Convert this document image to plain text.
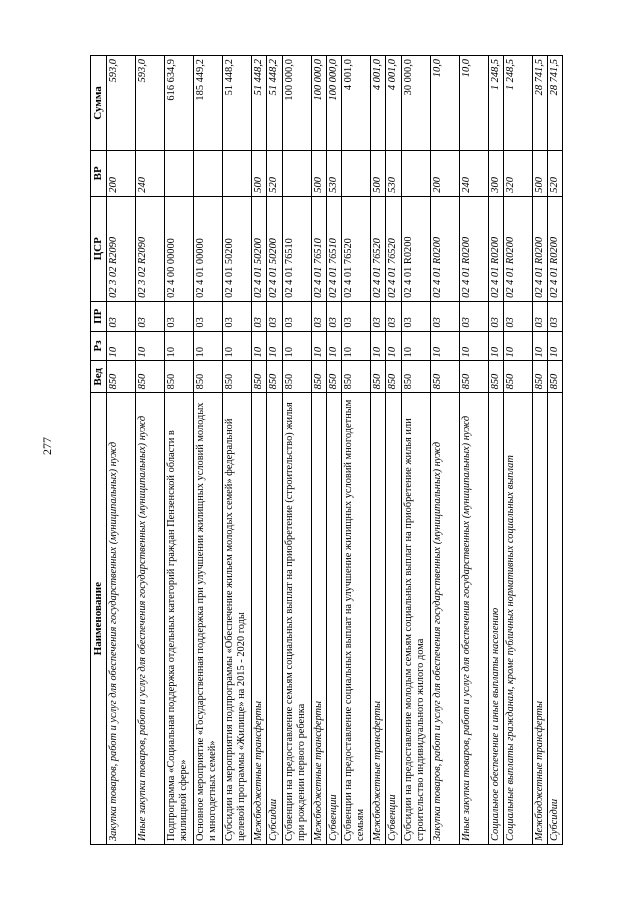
277
Наименование	Вед	Рз	ПР	ЦСР	ВР	Сумма
Закупка товаров, работ и услуг для обеспечения государственных (муниципальных) нужд	850	10	03	02 3 02 R2090	200	593,0
Иные закупки товаров, работ и услуг для обеспечения государственных (муниципальных) нужд	850	10	03	02 3 02 R2090	240	593,0
Подпрограмма «Социальная поддержка отдельных категорий граждан Пензенской области в жилищной сфере»	850	10	03	02 4 00 00000		616 634,9
Основное мероприятие «Государственная поддержка при улучшении жилищных условий молодых и многодетных семей»	850	10	03	02 4 01 00000		185 449,2
Субсидии на мероприятия подпрограммы «Обеспечение жильем молодых семей» федеральной целевой программы «Жилище» на 2015 - 2020 годы	850	10	03	02 4 01 50200		51 448,2
Межбюджетные трансферты	850	10	03	02 4 01 50200	500	51 448,2
Субсидии	850	10	03	02 4 01 50200	520	51 448,2
Субвенции на предоставление семьям социальных выплат на приобретение (строительство) жилья при рождении первого ребенка	850	10	03	02 4 01 76510		100 000,0
Межбюджетные трансферты	850	10	03	02 4 01 76510	500	100 000,0
Субвенции	850	10	03	02 4 01 76510	530	100 000,0
Субвенции на предоставление социальных выплат на улучшение жилищных условий многодетным семьям	850	10	03	02 4 01 76520		4 001,0
Межбюджетные трансферты	850	10	03	02 4 01 76520	500	4 001,0
Субвенции	850	10	03	02 4 01 76520	530	4 001,0
Субсидии на предоставление молодым семьям социальных выплат на приобретение жилья или строительство индивидуального жилого дома	850	10	03	02 4 01 R0200		30 000,0
Закупка товаров, работ и услуг для обеспечения государственных (муниципальных) нужд	850	10	03	02 4 01 R0200	200	10,0
Иные закупки товаров, работ и услуг для обеспечения государственных (муниципальных) нужд	850	10	03	02 4 01 R0200	240	10,0
Социальное обеспечение и иные выплаты населению	850	10	03	02 4 01 R0200	300	1 248,5
Социальные выплаты гражданам, кроме публичных нормативных социальных выплат	850	10	03	02 4 01 R0200	320	1 248,5
Межбюджетные трансферты	850	10	03	02 4 01 R0200	500	28 741,5
Субсидии	850	10	03	02 4 01 R0200	520	28 741,5
